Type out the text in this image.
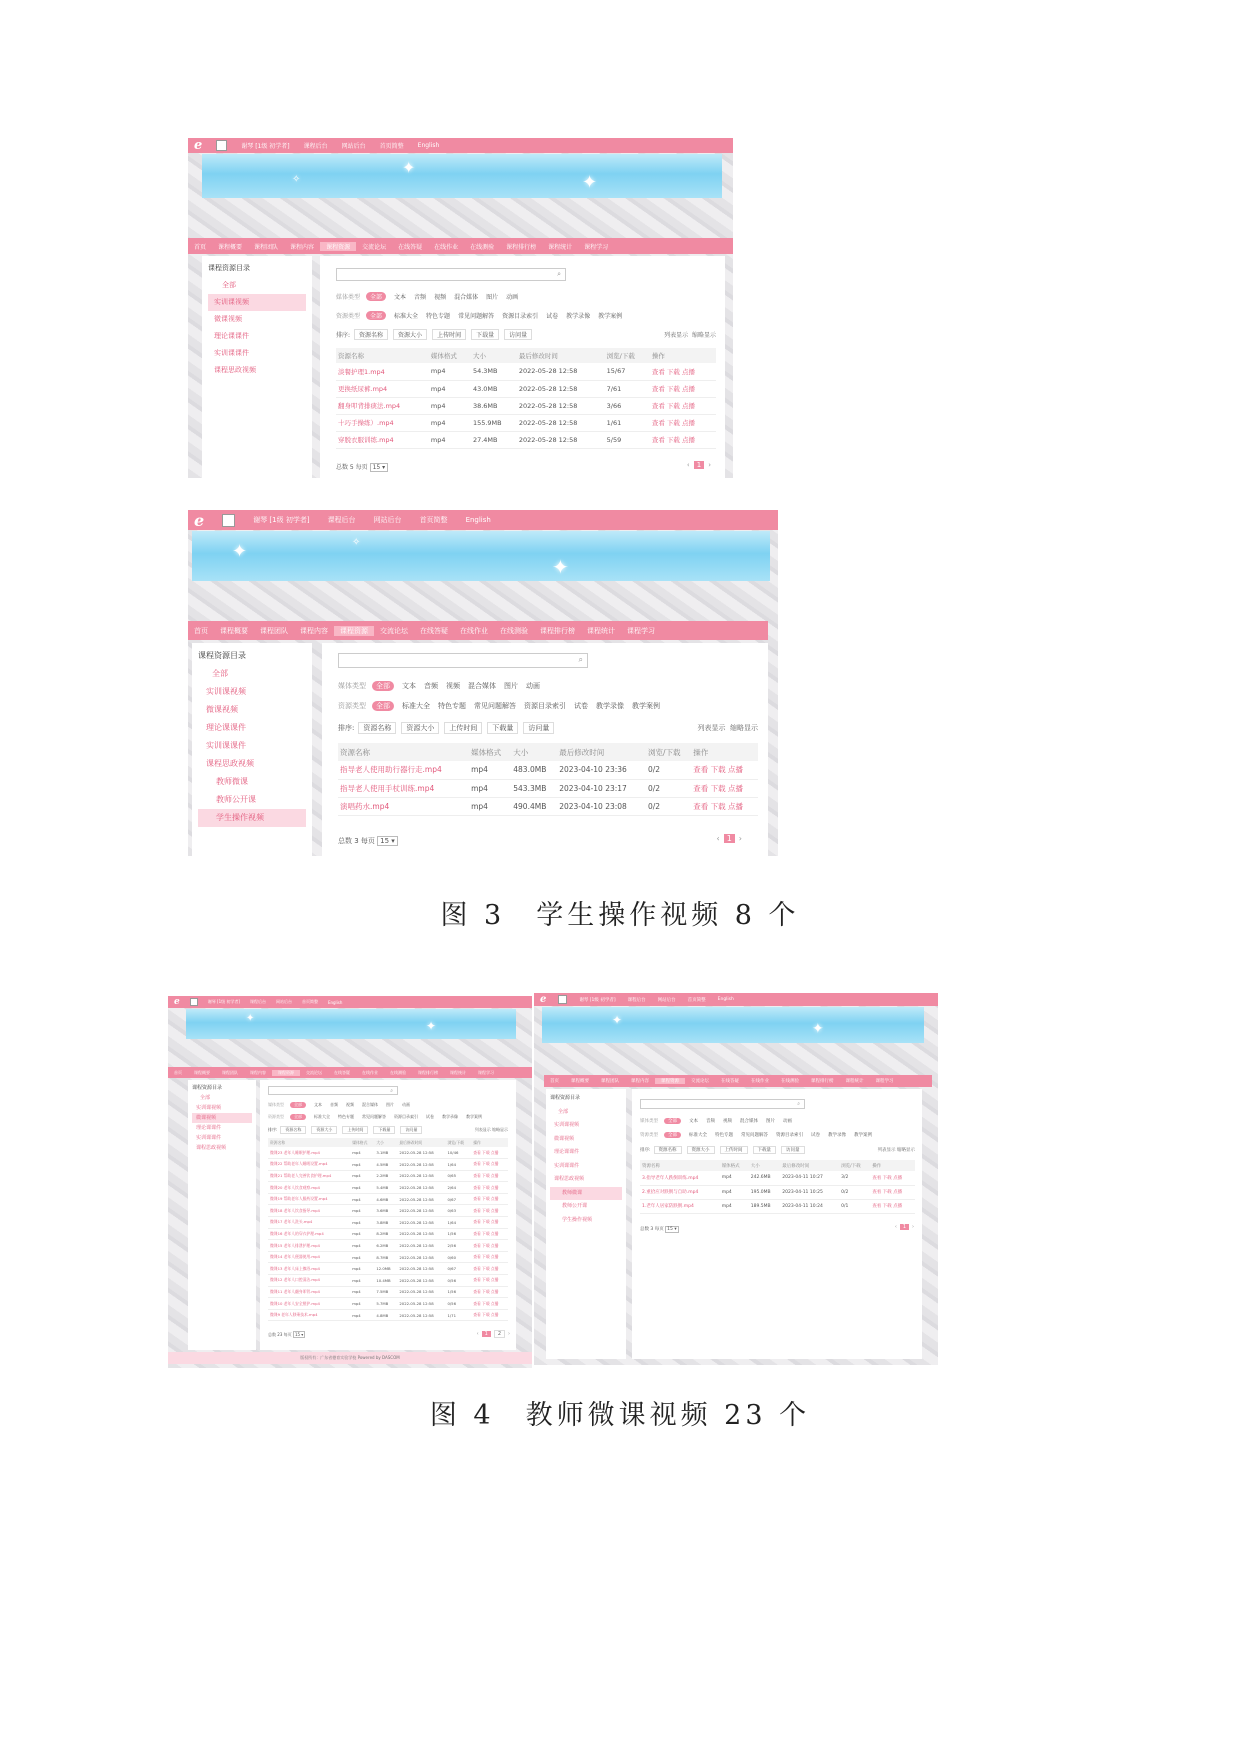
e	谢琴 [1级 初学者] 课程后台 网站后台 首页简整 English
✦
✦
✧
首页	课程概要	课程团队	课程内容	课程资源	交流论坛	在线答疑	在线作业	在线测验	课程排行榜	课程统计	课程学习
课程资源目录
全部
实训课视频
微课视频
理论课课件
实训课课件
课程思政视频
⌕
媒体类型	全部	文本 音频 视频 混合媒体 图片 动画
资源类型	全部	标准大全 特色专题 常见问题解答 资源目录索引 试卷 教学录像 教学案例
排序:	资源名称	资源大小	上传时间	下载量	访问量	列表显示 缩略显示
资源名称	媒体格式	大小	最后修改时间	浏览/下载	操作
淡餐护理1.mp4	mp4	54.3MB	2022-05-28 12:58	15/67	查看 下载 点播
更换纸尿裤.mp4	mp4	43.0MB	2022-05-28 12:58	7/61	查看 下载 点播
翻身叩背排痰法.mp4	mp4	38.6MB	2022-05-28 12:58	3/66	查看 下载 点播
十巧手操练）.mp4	mp4	155.9MB	2022-05-28 12:58	1/61	查看 下载 点播
穿脱衣服训练.mp4	mp4	27.4MB	2022-05-28 12:58	5/59	查看 下载 点播
总数 5 每页 15 ▾	‹	1	›
e	谢琴 [1级 初学者]	课程后台	网站后台	首页简整	English
✦
✦
✧
首页	课程概要	课程团队	课程内容	课程资源	交流论坛	在线答疑	在线作业	在线测验	课程排行榜	课程统计	课程学习
课程资源目录
全部
实训课视频
微课视频
理论课课件
实训课课件
课程思政视频
教师微课
教师公开课
学生操作视频
⌕
媒体类型	全部	文本 音频 视频 混合媒体 图片 动画
资源类型	全部	标准大全 特色专题 常见问题解答 资源目录索引 试卷 教学录像 教学案例
排序:	资源名称	资源大小	上传时间	下载量	访问量	列表显示 缩略显示
资源名称	媒体格式	大小	最后修改时间	浏览/下载	操作
指导老人使用助行器行走.mp4	mp4	483.0MB	2023-04-10 23:36	0/2	查看 下载 点播
指导老人使用手杖训练.mp4	mp4	543.3MB	2023-04-10 23:17	0/2	查看 下载 点播
演唱药水.mp4	mp4	490.4MB	2023-04-10 23:08	0/2	查看 下载 点播
总数 3 每页 15 ▾	‹ 1 ›
图 3　学生操作视频 8 个
e	谢琴 [1级 初学者]	课程后台	网站后台	首页简整	English
✦
✦
首页	课程概要	课程团队	课程内容	课程资源	交流论坛	在线答疑	在线作业	在线测验	课程排行榜	课程统计	课程学习
课程资源目录
全部
实训课视频
微课视频
理论课课件
实训课课件
课程思政视频
⌕
媒体类型	全部	文本 音频 视频 混合媒体 图片 动画
资源类型	全部	标准大全 特色专题 常见问题解答 资源目录索引 试卷 教学录像 教学案例
排序:	资源名称	资源大小	上传时间	下载量	访问量	列表显示 缩略显示
资源名称	媒体格式	大小	最后修改时间	浏览/下载	操作
微课23 老年人睡眠护理.mp4	mp4	3.1MB	2022-05-28 12:58	10/46	查看 下载 点播
微课22 帮助老年人睡眠设置.mp4	mp4	4.5MB	2022-05-28 12:58	1/64	查看 下载 点播
微课21 帮助老人完善饮食护理.mp4	mp4	2.2MB	2022-05-28 12:58	0/65	查看 下载 点播
微课20 老年人饮食观察.mp4	mp4	5.4MB	2022-05-28 12:58	2/64	查看 下载 点播
微课19 帮助老年人服药设置.mp4	mp4	4.6MB	2022-05-28 12:58	0/67	查看 下载 点播
微课18 老年人饮食指导.mp4	mp4	3.6MB	2022-05-28 12:58	0/63	查看 下载 点播
微课17 老年人洗头.mp4	mp4	3.8MB	2022-05-28 12:58	1/64	查看 下载 点播
微课16 老年人的穿衣护理.mp4	mp4	8.2MB	2022-05-28 12:58	1/56	查看 下载 点播
微课15 老年人排泄护理.mp4	mp4	6.2MB	2022-05-28 12:58	2/56	查看 下载 点播
微课14 老年人便器使用.mp4	mp4	8.7MB	2022-05-28 12:58	0/60	查看 下载 点播
微课13 老年人床上擦浴.mp4	mp4	12.0MB	2022-05-28 12:58	0/67	查看 下载 点播
微课12 老年人口腔清洁.mp4	mp4	10.4MB	2022-05-28 12:58	0/56	查看 下载 点播
微课11 老年人翻身叩背.mp4	mp4	7.5MB	2022-05-28 12:58	1/56	查看 下载 点播
微课10 老年人安全照护.mp4	mp4	5.7MB	2022-05-28 12:58	0/56	查看 下载 点播
微课9 老年人移乘技术.mp4	mp4	4.8MB	2022-05-28 12:58	1/71	查看 下载 点播
总数 23 每页 15 ▾	‹	1	2	›
版权所有：广东省德育实验学校 Powered by DASCOM
e	谢琴 [1级 初学者]	课程后台	网站后台	首页简整	English
✦
✦
首页	课程概要	课程团队	课程内容	课程资源	交流论坛	在线答疑	在线作业	在线测验	课程排行榜	课程统计	课程学习
课程资源目录
全部
实训课视频
微课视频
理论课课件
实训课课件
课程思政视频
教师微课
教师公开课
学生操作视频
⌕
媒体类型	全部	文本 音频 视频 混合媒体 图片 动画
资源类型	全部	标准大全 特色专题 常见问题解答 资源目录索引 试卷 教学录像 教学案例
排序:	资源名称	资源大小	上传时间	下载量	访问量	列表显示 缩略显示
资源名称	媒体格式	大小	最后修改时间	浏览/下载	操作
3.指导老年人跌倒训练.mp4	mp4	242.6MB	2023-04-11 10:27	3/2	查看 下载 点播
2.重拾应对跌倒与自助.mp4	mp4	195.0MB	2023-04-11 10:25	0/2	查看 下载 点播
1.老年人居家防跌倒.mp4	mp4	189.5MB	2023-04-11 10:24	0/1	查看 下载 点播
总数 3 每页 15 ▾	‹	1	›
图 4　教师微课视频 23 个
